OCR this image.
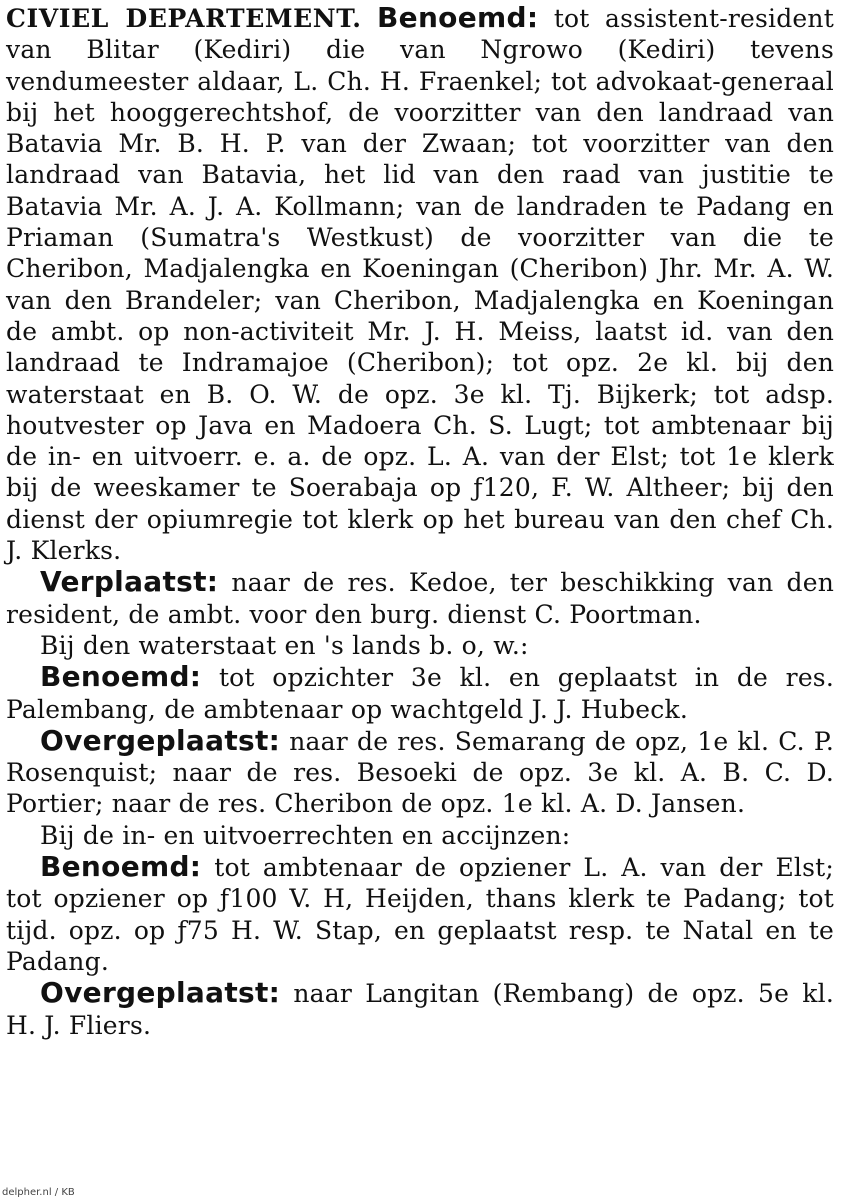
CIVIEL DEPARTEMENT. Benoemd: tot assistent-resident van Blitar (Kediri) die van Ngrowo (Kediri) tevens vendumeester aldaar, L. Ch. H. Fraenkel; tot advokaat-generaal bij het hooggerechtshof, de voorzitter van den landraad van Batavia Mr. B. H. P. van der Zwaan; tot voorzitter van den landraad van Batavia, het lid van den raad van justitie te Batavia Mr. A. J. A. Kollmann; van de landraden te Padang en Priaman (Sumatra's Westkust) de voorzitter van die te Cheribon, Madjalengka en Koeningan (Cheribon) Jhr. Mr. A. W. van den Brandeler; van Cheribon, Madjalengka en Koeningan de ambt. op non-activiteit Mr. J. H. Meiss, laatst id. van den landraad te Indramajoe (Cheribon); tot opz. 2e kl. bij den waterstaat en B. O. W. de opz. 3e kl. Tj. Bijkerk; tot adsp. houtvester op Java en Madoera Ch. S. Lugt; tot ambtenaar bij de in- en uitvoerr. e. a. de opz. L. A. van der Elst; tot 1e klerk bij de weeskamer te Soerabaja op ƒ120, F. W. Altheer; bij den dienst der opiumregie tot klerk op het bureau van den chef Ch. J. Klerks.

Verplaatst: naar de res. Kedoe, ter beschikking van den resident, de ambt. voor den burg. dienst C. Poortman.

Bij den waterstaat en 's lands b. o, w.:

Benoemd: tot opzichter 3e kl. en geplaatst in de res. Palembang, de ambtenaar op wachtgeld J. J. Hubeck.

Overgeplaatst: naar de res. Semarang de opz, 1e kl. C. P. Rosenquist; naar de res. Besoeki de opz. 3e kl. A. B. C. D. Portier; naar de res. Cheribon de opz. 1e kl. A. D. Jansen.

Bij de in- en uitvoerrechten en accijnzen:

Benoemd: tot ambtenaar de opziener L. A. van der Elst; tot opziener op ƒ100 V. H, Heijden, thans klerk te Padang; tot tijd. opz. op ƒ75 H. W. Stap, en geplaatst resp. te Natal en te Padang.

Overgeplaatst: naar Langitan (Rembang) de opz. 5e kl. H. J. Fliers.

delpher.nl / KB
